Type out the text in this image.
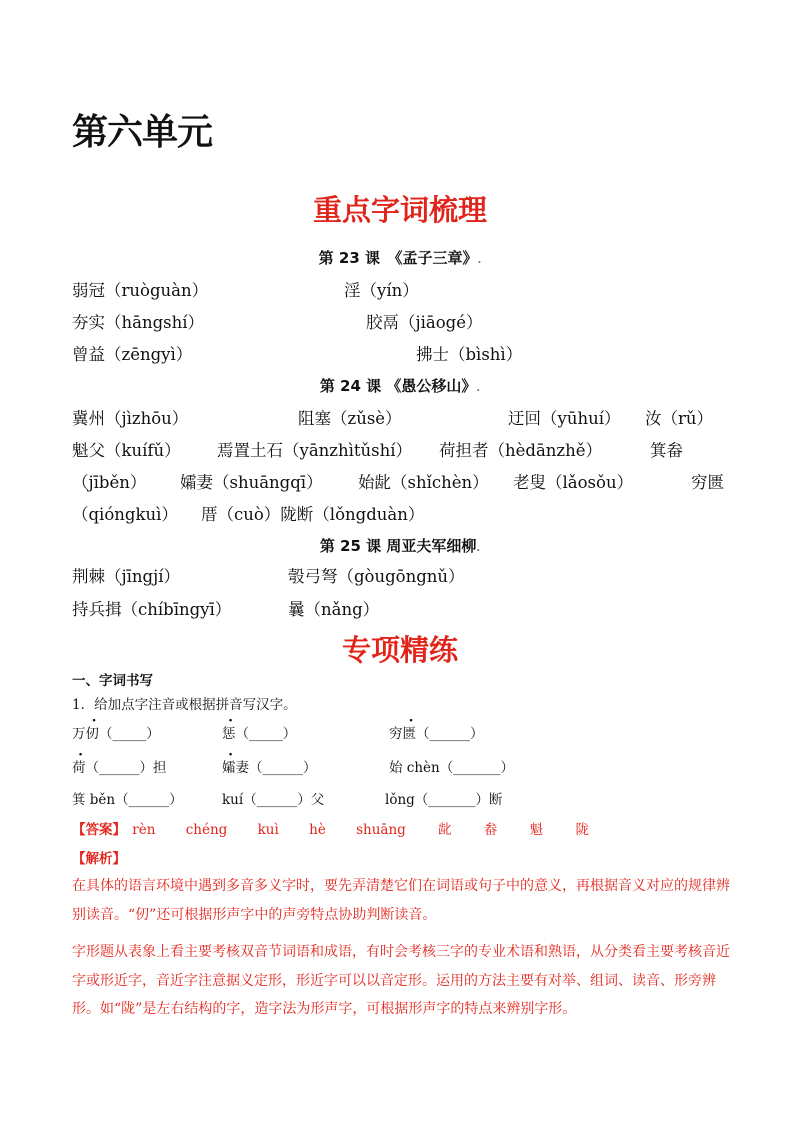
第六单元
重点字词梳理
第 23 课　《孟子三章》.
弱冠（ruòguàn）	淫（yín）
夯实（hāngshí）	胶鬲（jiāogé）
曾益（zēngyì）	拂士（bìshì）
第 24 课 《愚公移山》.
冀州（jìzhōu）	阻塞（zǔsè）	迂回（yūhuí） 汝（rǔ）
魁父（kuífǔ） 焉置土石（yānzhìtǔshí） 荷担者（hèdānzhě）	箕畚
（jīběn） 孀妻（shuāngqī） 始龀（shǐchèn） 老叟（lǎosǒu）	穷匮
（qióngkuì） 厝（cuò）陇断（lǒngduàn）
第 25 课 周亚夫军细柳.
荆棘（jīngjí）	彀弓弩（gòugōngnǔ）
持兵揖（chíbīngyī）	曩（nǎng）
专项精练
一、字词书写
1．给加点字注音或根据拼音写汉字。
万仞（_____）	惩（_____）	穷匮（______）
荷（______）担	孀妻（______）	始 chèn（_______）
箕 běn（______）	kuí（______）父	lǒng（_______）断
【答案】 rèn chéng kuì hè shuāng 龀 畚 魁 陇
【解析】
在具体的语言环境中遇到多音多义字时，要先弄清楚它们在词语或句子中的意义，再根据音义对应的规律辨别读音。“仞”还可根据形声字中的声旁特点协助判断读音。
字形题从表象上看主要考核双音节词语和成语，有时会考核三字的专业术语和熟语，从分类看主要考核音近字或形近字，音近字注意据义定形，形近字可以以音定形。运用的方法主要有对举、组词、读音、形旁辨形。如“陇”是左右结构的字，造字法为形声字，可根据形声字的特点来辨别字形。
